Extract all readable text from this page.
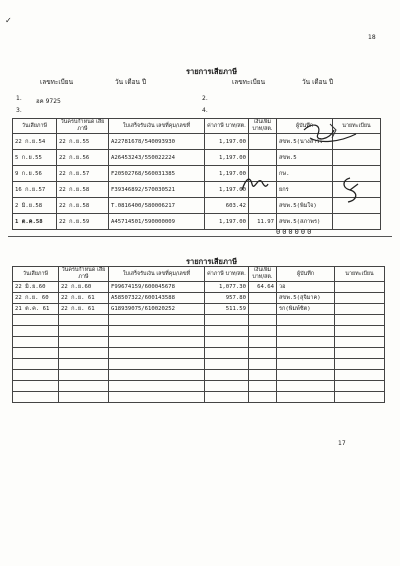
18
รายการเสียภาษี
เลขทะเบียน	วัน เดือน ปี	เลขทะเบียน	วัน เดือน ปี
1. ฮค 9725	2.
3.	4.
วันเสียภาษี	วันครบกำหนด เสียภาษี	ใบเสร็จรับเงิน เลขที่คุม/เลขที่	ค่าภาษี บาท/สต.	เงินเพิ่ม บาท/สต.	ผู้บันทึก	นายทะเบียน
22 ก.ย.54	22 ก.ย.55	A22781678/540093930	1,197.00		สขพ.5(นางสาวไ	
5 ก.ย.55	22 ก.ย.56	A26453243/550022224	1,197.00		สขพ.5	
9 ก.ย.56	22 ก.ย.57	F20502768/560031385	1,197.00		กษ.	
16 ก.ย.57	22 ก.ย.58	F39346892/570030521	1,197.00		ยกร	
2 มิ.ย.58	22 ก.ย.58	T.0816400/580006217	603.42		สขพ.5(พิมใจ)	
1 ต.ค.58	22 ก.ย.59	A45714501/590000009	1,197.00	11.97	สขพ.5(สภาพร)	
000000
รายการเสียภาษี
วันเสียภาษี	วันครบกำหนด เสียภาษี	ใบเสร็จรับเงิน เลขที่คุม/เลขที่	ค่าภาษี บาท/สต.	เงินเพิ่ม บาท/สต.	ผู้บันทึก	นายทะเบียน
22 มิ.ย.60	22 ก.ย.60	F99674159/600045678	1,077.30	64.64	วอ	
22 ก.ย. 60	22 ก.ย. 61	A58507322/600143588	957.80		สขพ.5(สุจิมาค)	
21 ต.ค. 61	22 ก.ย. 61	G18939075/610020252	511.59		รก(พิมพ์ชิต)	

17
✓
